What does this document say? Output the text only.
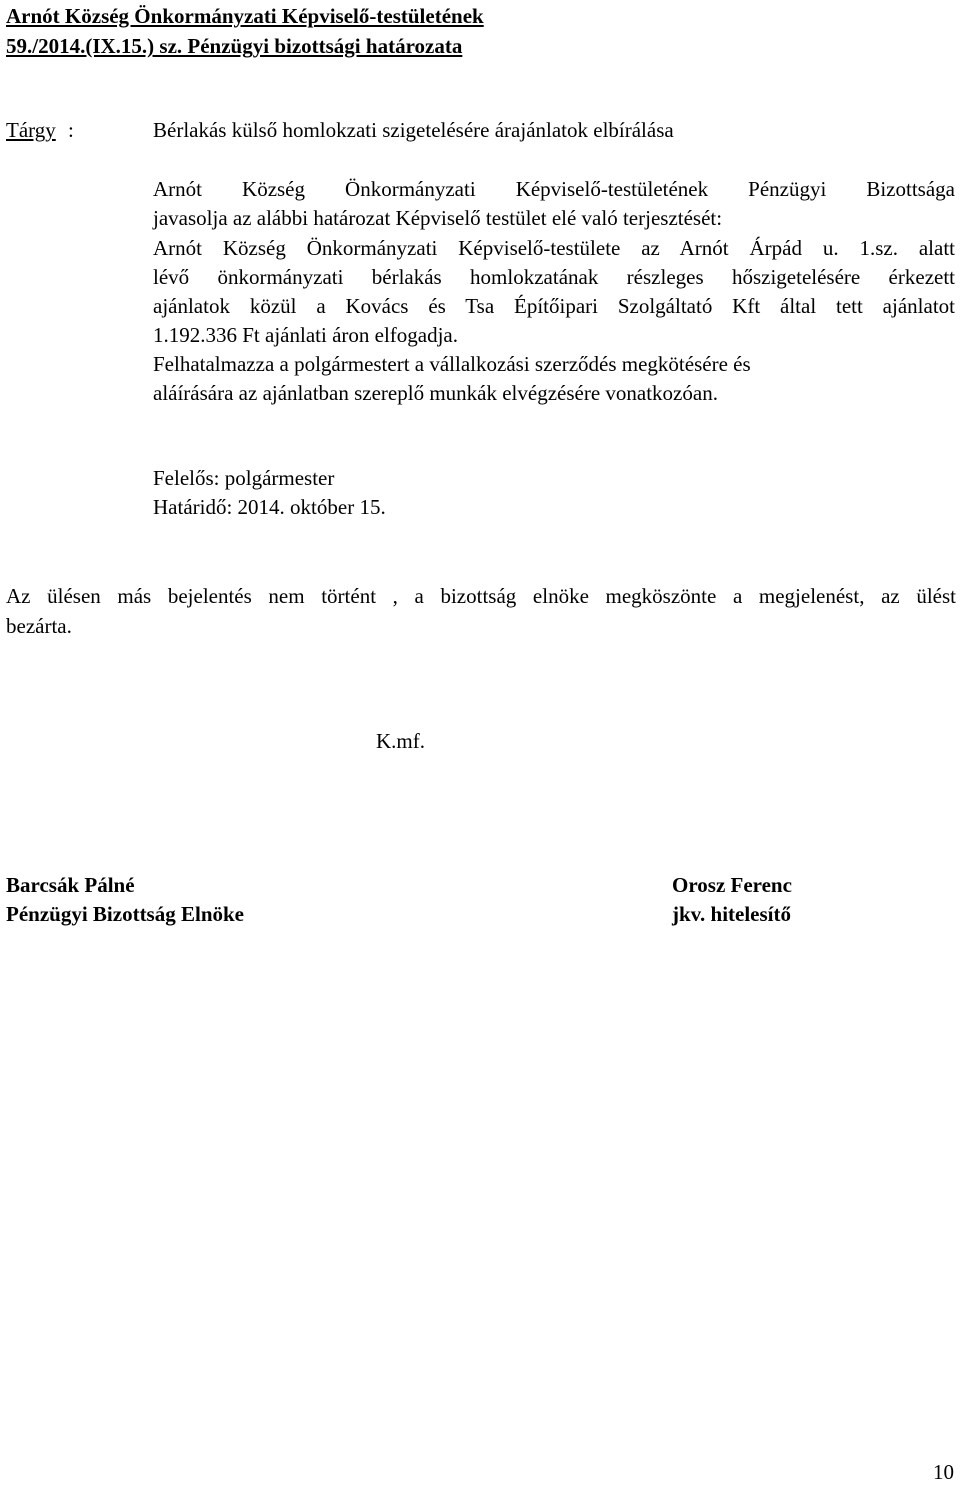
Arnót Község Önkormányzati Képviselő-testületének
59./2014.(IX.15.) sz. Pénzügyi bizottsági határozata
Tárgy :	Bérlakás külső homlokzati szigetelésére árajánlatok elbírálása
Arnót Község Önkormányzati Képviselő-testületének Pénzügyi Bizottsága
javasolja az alábbi határozat Képviselő testület elé való terjesztését:
Arnót Község Önkormányzati Képviselő-testülete az Arnót Árpád u. 1.sz. alatt
lévő önkormányzati bérlakás homlokzatának részleges hőszigetelésére érkezett
ajánlatok közül a Kovács és Tsa Építőipari Szolgáltató Kft által tett ajánlatot
1.192.336 Ft ajánlati áron elfogadja.
Felhatalmazza a polgármestert a vállalkozási szerződés megkötésére és
aláírására az ajánlatban szereplő munkák elvégzésére vonatkozóan.
Felelős: polgármester
Határidő: 2014. október 15.
Az ülésen más bejelentés nem történt , a bizottság elnöke megköszönte a megjelenést, az ülést
bezárta.
K.mf.
Barcsák Pálné
Pénzügyi Bizottság Elnöke
Orosz Ferenc
jkv. hitelesítő
10
